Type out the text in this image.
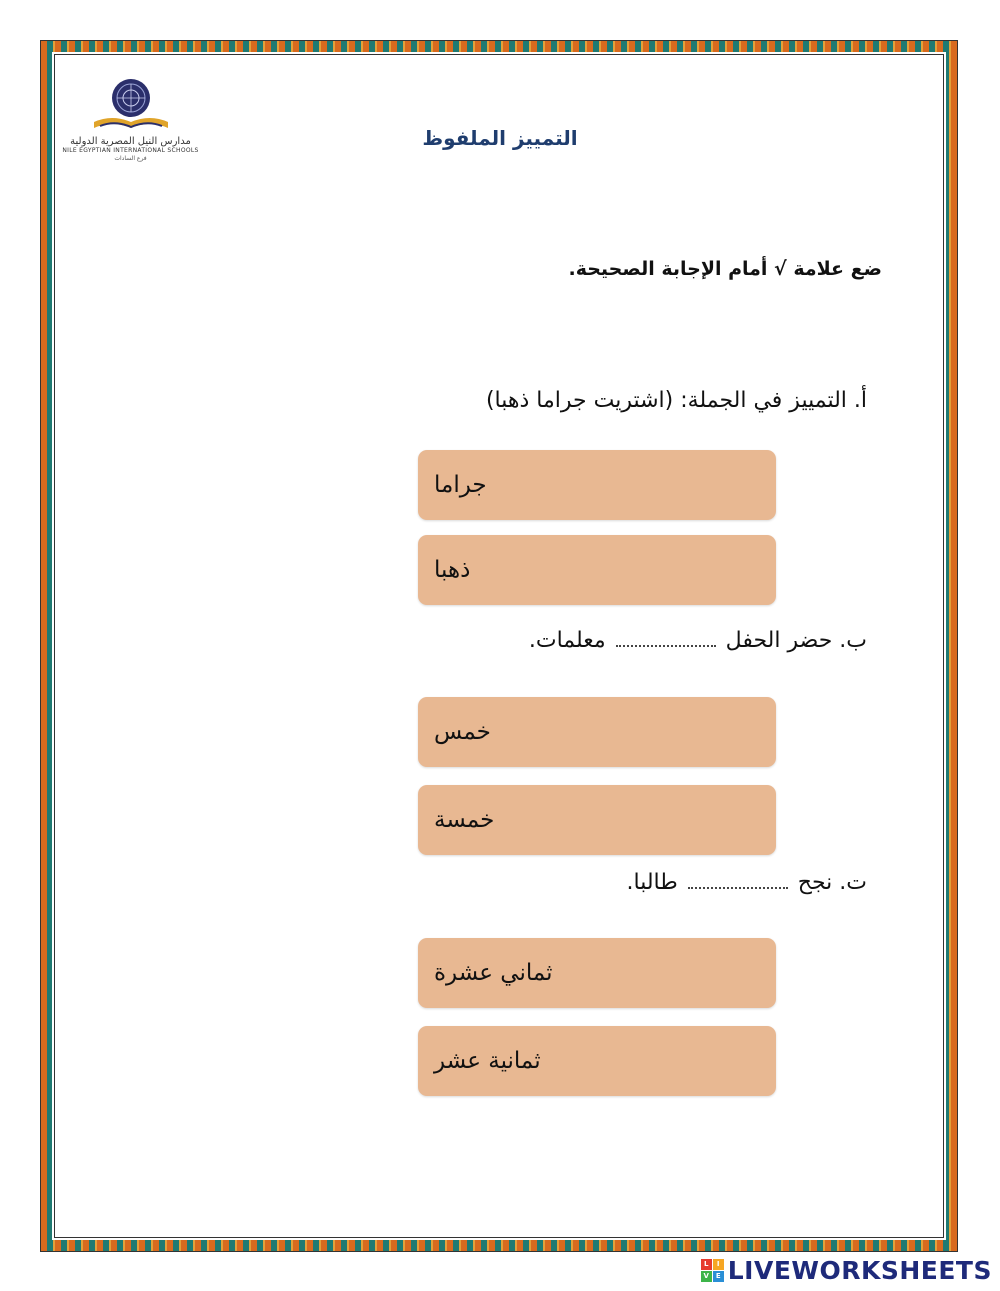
مدارس النيل المصرية الدولية
NILE EGYPTIAN INTERNATIONAL SCHOOLS
فرع السادات
التمييز الملفوظ
ضع علامة √ أمام الإجابة الصحيحة.
أ. التمييز في الجملة: (اشتريت جراما ذهبا)
جراما
ذهبا
ب. حضر الحفلمعلمات.
خمس
خمسة
ت. نجحطالبا.
ثماني عشرة
ثمانية عشر
L	I
V E LIVEWORKSHEETS
